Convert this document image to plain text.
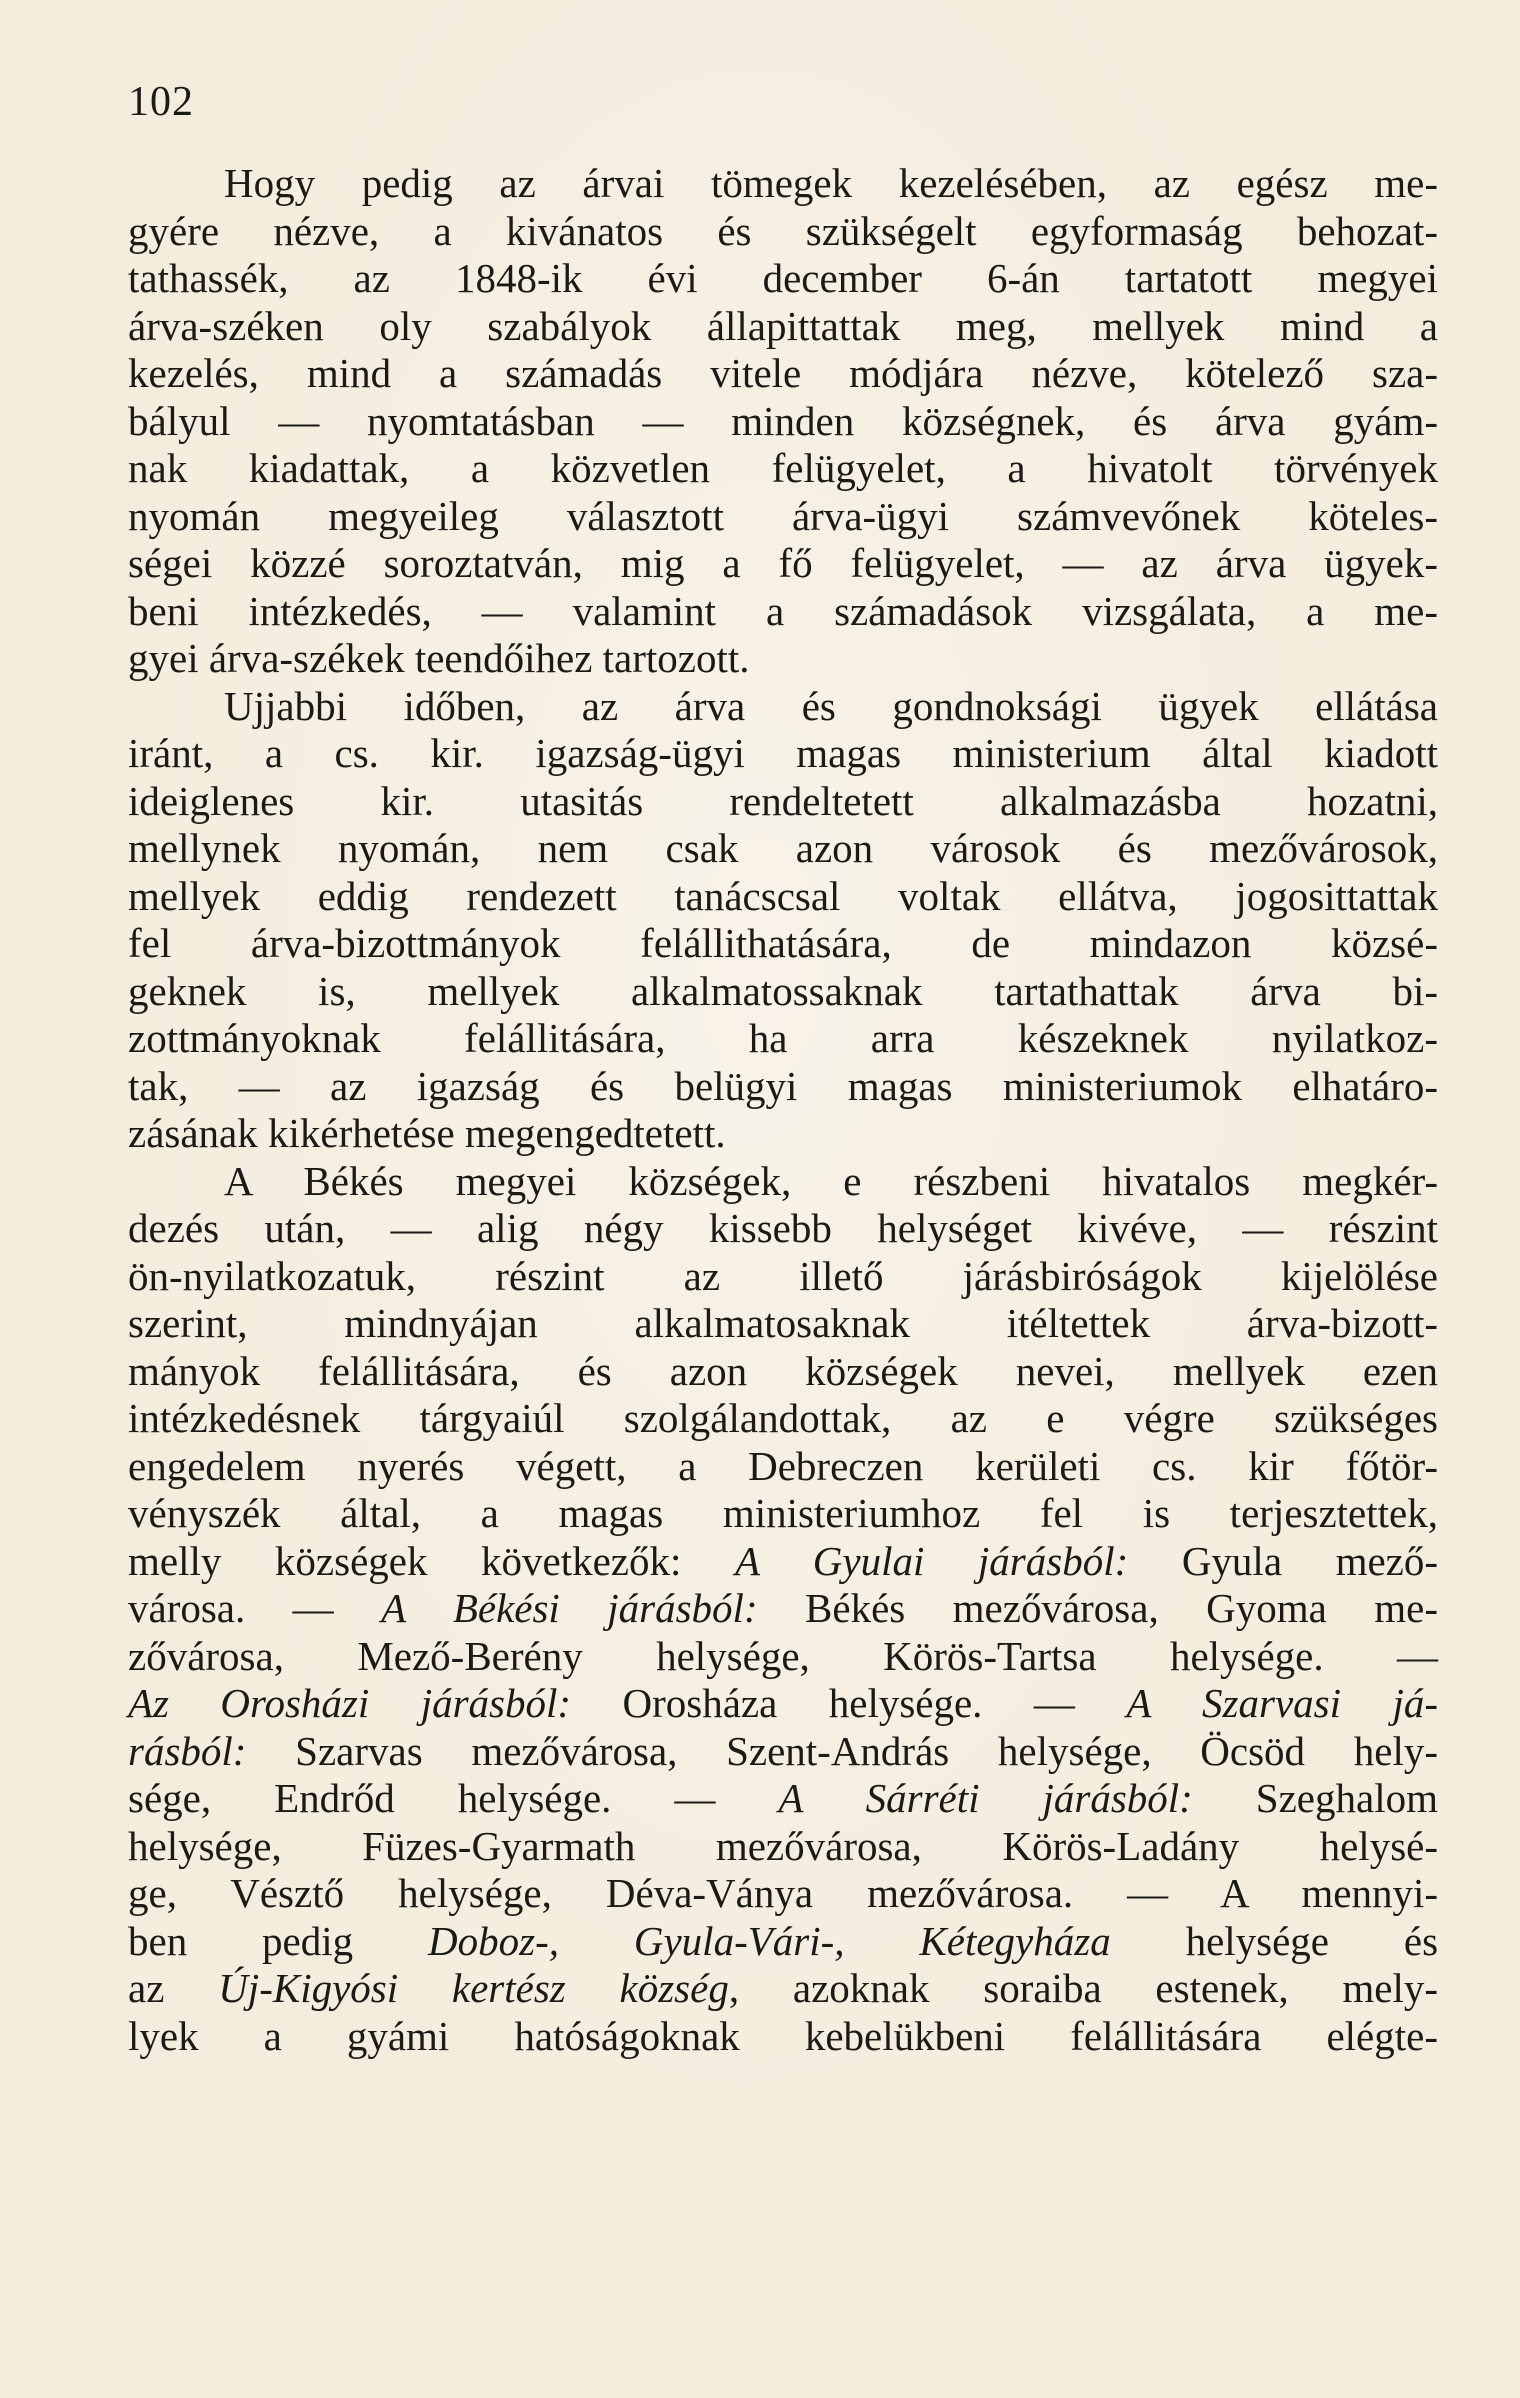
102
Hogy pedig az árvai tömegek kezelésében, az egész me-
gyére nézve, a kivánatos és szükségelt egyformaság behozat-
tathassék, az 1848-ik évi december 6-án tartatott megyei
árva-széken oly szabályok állapittattak meg, mellyek mind a
kezelés, mind a számadás vitele módjára nézve, kötelező sza-
bályul — nyomtatásban — minden községnek, és árva gyám-
nak kiadattak, a közvetlen felügyelet, a hivatolt törvények
nyomán megyeileg választott árva-ügyi számvevőnek köteles-
ségei közzé soroztatván, mig a fő felügyelet, — az árva ügyek-
beni intézkedés, — valamint a számadások vizsgálata, a me-
gyei árva-székek teendőihez tartozott.
Ujjabbi időben, az árva és gondnoksági ügyek ellátása
iránt, a cs. kir. igazság-ügyi magas ministerium által kiadott
ideiglenes kir. utasitás rendeltetett alkalmazásba hozatni,
mellynek nyomán, nem csak azon városok és mezővárosok,
mellyek eddig rendezett tanácscsal voltak ellátva, jogosittattak
fel árva-bizottmányok felállithatására, de mindazon közsé-
geknek is, mellyek alkalmatossaknak tartathattak árva bi-
zottmányoknak felállitására, ha arra készeknek nyilatkoz-
tak, — az igazság és belügyi magas ministeriumok elhatáro-
zásának kikérhetése megengedtetett.
A Békés megyei községek, e részbeni hivatalos megkér-
dezés után, — alig négy kissebb helységet kivéve, — részint
ön-nyilatkozatuk, részint az illető járásbiróságok kijelölése
szerint, mindnyájan alkalmatosaknak itéltettek árva-bizott-
mányok felállitására, és azon községek nevei, mellyek ezen
intézkedésnek tárgyaiúl szolgálandottak, az e végre szükséges
engedelem nyerés végett, a Debreczen kerületi cs. kir főtör-
vényszék által, a magas ministeriumhoz fel is terjesztettek,
melly községek következők: A Gyulai járásból: Gyula mező-
városa. — A Békési járásból: Békés mezővárosa, Gyoma me-
zővárosa, Mező-Berény helysége, Körös-Tartsa helysége. —
Az Orosházi járásból: Orosháza helysége. — A Szarvasi já-
rásból: Szarvas mezővárosa, Szent-András helysége, Öcsöd hely-
sége, Endrőd helysége. — A Sárréti járásból: Szeghalom
helysége, Füzes-Gyarmath mezővárosa, Körös-Ladány helysé-
ge, Vésztő helysége, Déva-Ványa mezővárosa. — A mennyi-
ben pedig Doboz-, Gyula-Vári-, Kétegyháza helysége és
az Új-Kigyósi kertész község, azoknak soraiba estenek, mely-
lyek a gyámi hatóságoknak kebelükbeni felállitására elégte-
